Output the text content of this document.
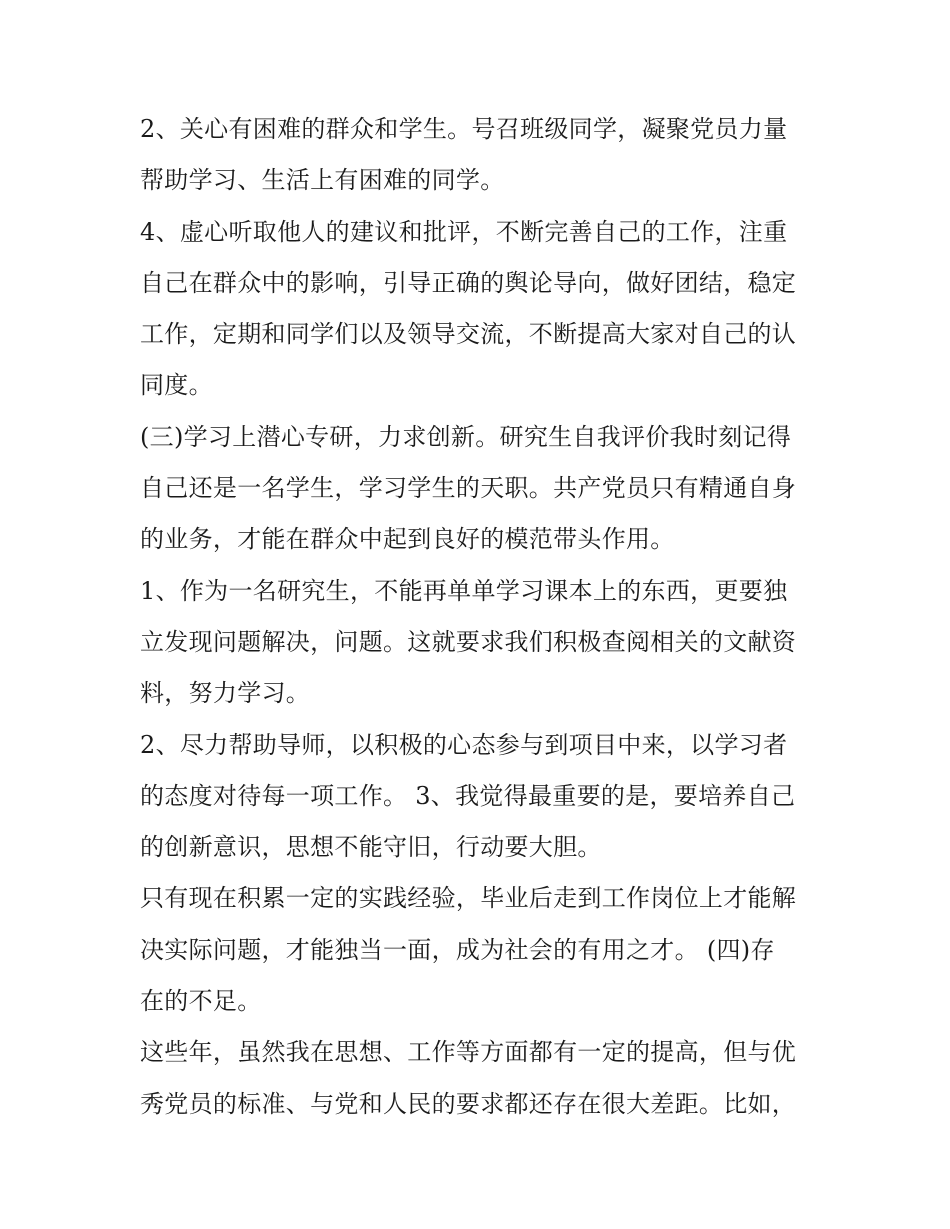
2、关心有困难的群众和学生。号召班级同学，凝聚党员力量
帮助学习、生活上有困难的同学。
4、虚心听取他人的建议和批评，不断完善自己的工作，注重
自己在群众中的影响，引导正确的舆论导向，做好团结，稳定
工作，定期和同学们以及领导交流，不断提高大家对自己的认
同度。
(三)学习上潜心专研，力求创新。研究生自我评价我时刻记得
自己还是一名学生，学习学生的天职。共产党员只有精通自身
的业务，才能在群众中起到良好的模范带头作用。
1、作为一名研究生，不能再单单学习课本上的东西，更要独
立发现问题解决，问题。这就要求我们积极查阅相关的文献资
料，努力学习。
2、尽力帮助导师，以积极的心态参与到项目中来，以学习者
的态度对待每一项工作。 3、我觉得最重要的是，要培养自己
的创新意识，思想不能守旧，行动要大胆。
只有现在积累一定的实践经验，毕业后走到工作岗位上才能解
决实际问题，才能独当一面，成为社会的有用之才。 (四)存
在的不足。
这些年，虽然我在思想、工作等方面都有一定的提高，但与优
秀党员的标准、与党和人民的要求都还存在很大差距。比如，
